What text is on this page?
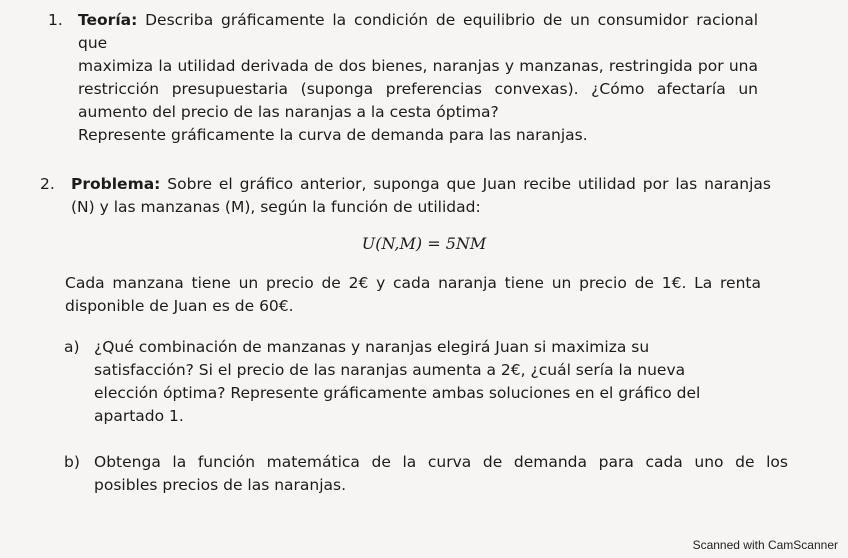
1. Teoría: Describa gráficamente la condición de equilibrio de un consumidor racional que

maximiza la utilidad derivada de dos bienes, naranjas y manzanas, restringida por una

restricción presupuestaria (suponga preferencias convexas). ¿Cómo afectaría un

aumento del precio de las naranjas a la cesta óptima?

Represente gráficamente la curva de demanda para las naranjas.

2. Problema: Sobre el gráfico anterior, suponga que Juan recibe utilidad por las naranjas

(N) y las manzanas (M), según la función de utilidad:

U(N,M) = 5NM

Cada manzana tiene un precio de 2€ y cada naranja tiene un precio de 1€. La renta

disponible de Juan es de 60€.

a) ¿Qué combinación de manzanas y naranjas elegirá Juan si maximiza su

satisfacción? Si el precio de las naranjas aumenta a 2€, ¿cuál sería la nueva

elección óptima? Represente gráficamente ambas soluciones en el gráfico del

apartado 1.

b) Obtenga la función matemática de la curva de demanda para cada uno de los

posibles precios de las naranjas.

Scanned with CamScanner
